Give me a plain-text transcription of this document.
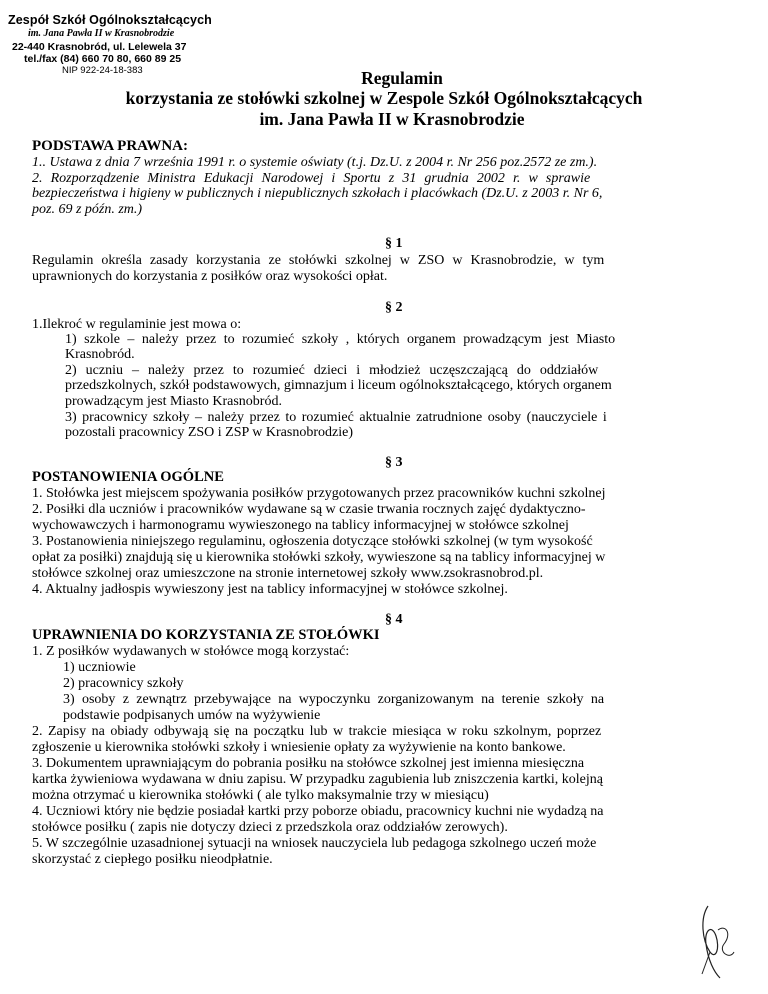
Zespół Szkół Ogólnokształcących
im. Jana Pawła II w Krasnobrodzie
22-440 Krasnobród, ul. Lelewela 37
tel./fax (84) 660 70 80, 660 89 25
NIP 922-24-18-383	Regulamin
korzystania ze stołówki szkolnej w Zespole Szkół Ogólnokształcących
im. Jana Pawła II w Krasnobrodzie
PODSTAWA PRAWNA:
1.. Ustawa z dnia 7 września 1991 r. o systemie oświaty (t.j. Dz.U. z 2004 r. Nr 256 poz.2572 ze zm.).
2. Rozporządzenie Ministra Edukacji Narodowej i Sportu z 31 grudnia 2002 r. w sprawie
bezpieczeństwa i higieny w publicznych i niepublicznych szkołach i placówkach (Dz.U. z 2003 r. Nr 6,
poz. 69 z późn. zm.)
§ 1
Regulamin określa zasady korzystania ze stołówki szkolnej w ZSO w Krasnobrodzie, w tym
uprawnionych do korzystania z posiłków oraz wysokości opłat.
§ 2
1.Ilekroć w regulaminie jest mowa o:
1) szkole – należy przez to rozumieć szkoły , których organem prowadzącym jest Miasto
Krasnobród.
2) uczniu – należy przez to rozumieć dzieci i młodzież uczęszczającą do oddziałów
przedszkolnych, szkół podstawowych, gimnazjum i liceum ogólnokształcącego, których organem
prowadzącym jest Miasto Krasnobród.
3) pracownicy szkoły – należy przez to rozumieć aktualnie zatrudnione osoby (nauczyciele i
pozostali pracownicy ZSO i ZSP w Krasnobrodzie)
§ 3
POSTANOWIENIA OGÓLNE
1. Stołówka jest miejscem spożywania posiłków przygotowanych przez pracowników kuchni szkolnej
2. Posiłki dla uczniów i pracowników wydawane są w czasie trwania rocznych zajęć dydaktyczno-
wychowawczych i harmonogramu wywieszonego na tablicy informacyjnej w stołówce szkolnej
3. Postanowienia niniejszego regulaminu, ogłoszenia dotyczące stołówki szkolnej (w tym wysokość
opłat za posiłki) znajdują się u kierownika stołówki szkoły, wywieszone są na tablicy informacyjnej w
stołówce szkolnej oraz umieszczone na stronie internetowej szkoły www.zsokrasnobrod.pl.
4. Aktualny jadłospis wywieszony jest na tablicy informacyjnej w stołówce szkolnej.
§ 4
UPRAWNIENIA DO KORZYSTANIA ZE STOŁÓWKI
1. Z posiłków wydawanych w stołówce mogą korzystać:
1) uczniowie
2) pracownicy szkoły
3) osoby z zewnątrz przebywające na wypoczynku zorganizowanym na terenie szkoły na
podstawie podpisanych umów na wyżywienie
2. Zapisy na obiady odbywają się na początku lub w trakcie miesiąca w roku szkolnym, poprzez
zgłoszenie u kierownika stołówki szkoły i wniesienie opłaty za wyżywienie na konto bankowe.
3. Dokumentem uprawniającym do pobrania posiłku na stołówce szkolnej jest imienna miesięczna
kartka żywieniowa wydawana w dniu zapisu. W przypadku zagubienia lub zniszczenia kartki, kolejną
można otrzymać u kierownika stołówki ( ale tylko maksymalnie trzy w miesiącu)
4. Uczniowi który nie będzie posiadał kartki przy poborze obiadu, pracownicy kuchni nie wydadzą na
stołówce posiłku ( zapis nie dotyczy dzieci z przedszkola oraz oddziałów zerowych).
5. W szczególnie uzasadnionej sytuacji na wniosek nauczyciela lub pedagoga szkolnego uczeń może
skorzystać z ciepłego posiłku nieodpłatnie.
